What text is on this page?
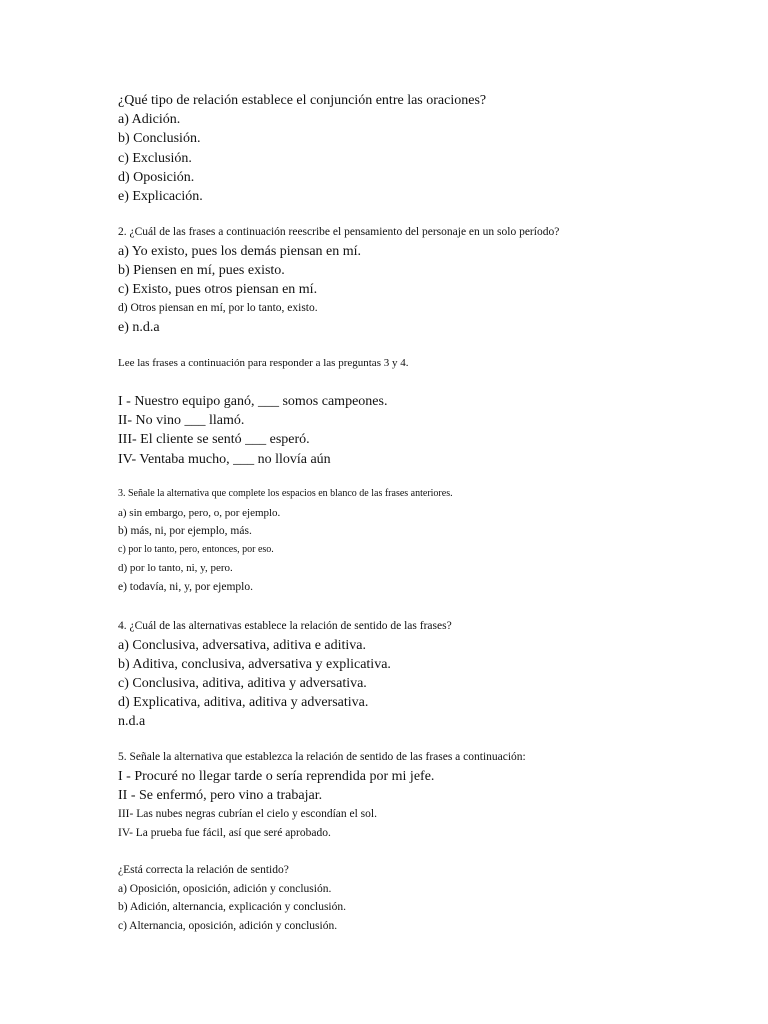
¿Qué tipo de relación establece el conjunción entre las oraciones?
a) Adición.
b) Conclusión.
c) Exclusión.
d) Oposición.
e) Explicación.
2. ¿Cuál de las frases a continuación reescribe el pensamiento del personaje en un solo período?
a) Yo existo, pues los demás piensan en mí.
b) Piensen en mí, pues existo.
c) Existo, pues otros piensan en mí.
d) Otros piensan en mí, por lo tanto, existo.
e) n.d.a
Lee las frases a continuación para responder a las preguntas 3 y 4.
I - Nuestro equipo ganó, ___ somos campeones.
II- No vino ___ llamó.
III- El cliente se sentó ___ esperó.
IV- Ventaba mucho, ___ no llovía aún
3. Señale la alternativa que complete los espacios en blanco de las frases anteriores.
a) sin embargo, pero, o, por ejemplo.
b) más, ni, por ejemplo, más.
c) por lo tanto, pero, entonces, por eso.
d) por lo tanto, ni, y, pero.
e) todavía, ni, y, por ejemplo.
4. ¿Cuál de las alternativas establece la relación de sentido de las frases?
a) Conclusiva, adversativa, aditiva e aditiva.
b) Aditiva, conclusiva, adversativa y explicativa.
c) Conclusiva, aditiva, aditiva y adversativa.
d) Explicativa, aditiva, aditiva y adversativa.
n.d.a
5. Señale la alternativa que establezca la relación de sentido de las frases a continuación:
I - Procuré no llegar tarde o sería reprendida por mi jefe.
II - Se enfermó, pero vino a trabajar.
III- Las nubes negras cubrían el cielo y escondían el sol.
IV- La prueba fue fácil, así que seré aprobado.
¿Está correcta la relación de sentido?
a) Oposición, oposición, adición y conclusión.
b) Adición, alternancia, explicación y conclusión.
c) Alternancia, oposición, adición y conclusión.
